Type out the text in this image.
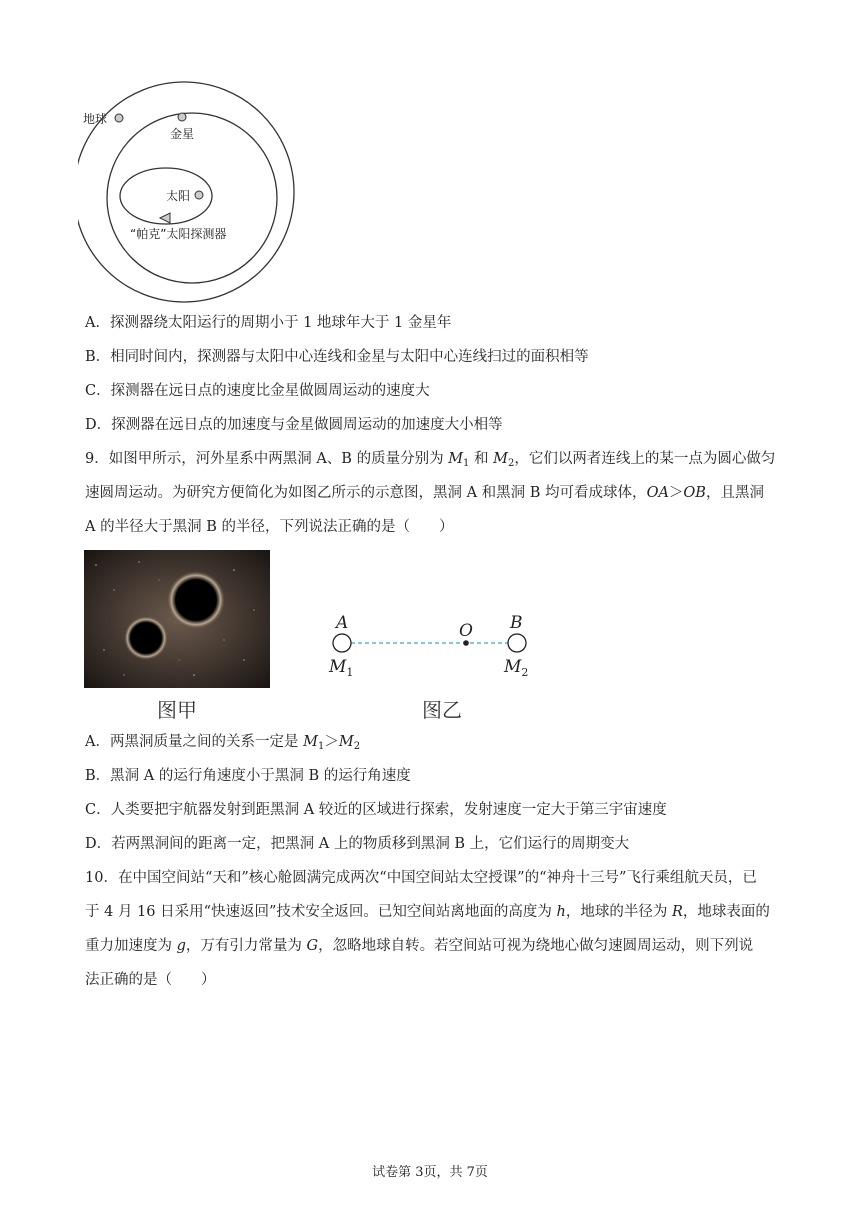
地球
金星
太阳
“帕克”太阳探测器
A．探测器绕太阳运行的周期小于 1 地球年大于 1 金星年
B．相同时间内，探测器与太阳中心连线和金星与太阳中心连线扫过的面积相等
C．探测器在远日点的速度比金星做圆周运动的速度大
D．探测器在远日点的加速度与金星做圆周运动的加速度大小相等
9．如图甲所示，河外星系中两黑洞 A、B 的质量分别为 $M_1$ 和 $M_2$，它们以两者连线上的某一点为圆心做匀
速圆周运动。为研究方便简化为如图乙所示的示意图，黑洞 A 和黑洞 B 均可看成球体，OA＞OB，且黑洞
A 的半径大于黑洞 B 的半径，下列说法正确的是（　　）
图甲
A	O B
$M_1$	$M_2$
图乙
A．两黑洞质量之间的关系一定是 $M_1>M_2$
B．黑洞 A 的运行角速度小于黑洞 B 的运行角速度
C．人类要把宇航器发射到距黑洞 A 较近的区域进行探索，发射速度一定大于第三宇宙速度
D．若两黑洞间的距离一定，把黑洞 A 上的物质移到黑洞 B 上，它们运行的周期变大
10．在中国空间站“天和”核心舱圆满完成两次“中国空间站太空授课”的“神舟十三号”飞行乘组航天员，已
于 4 月 16 日采用“快速返回”技术安全返回。已知空间站离地面的高度为 h，地球的半径为 R，地球表面的
重力加速度为 g，万有引力常量为 G，忽略地球自转。若空间站可视为绕地心做匀速圆周运动，则下列说
法正确的是（　　）
试卷第 3页，共 7页
